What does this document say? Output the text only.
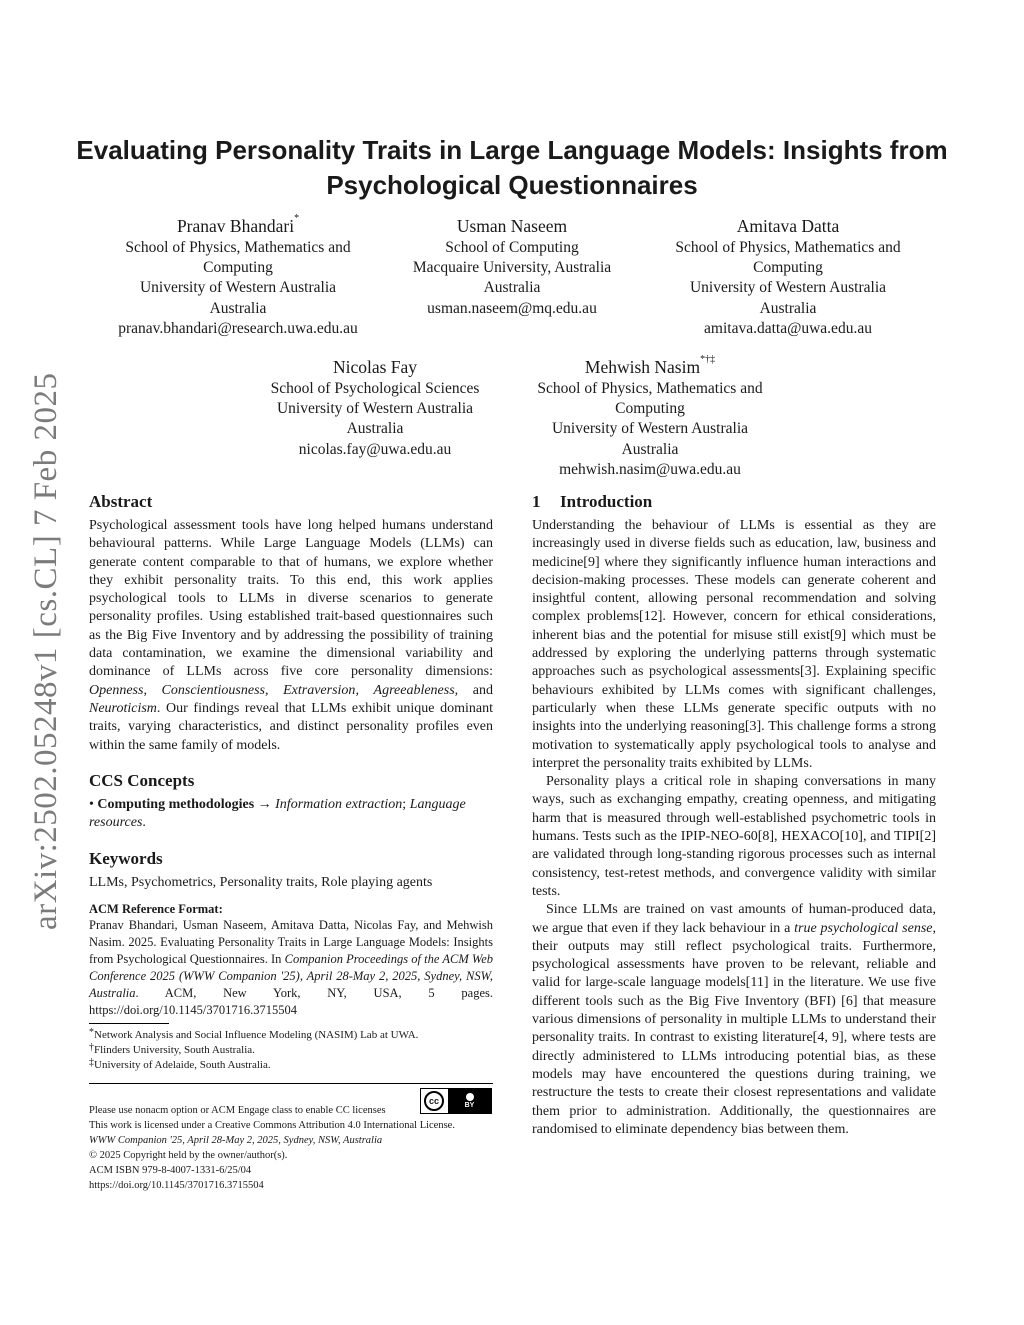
arXiv:2502.05248v1 [cs.CL] 7 Feb 2025
Evaluating Personality Traits in Large Language Models: Insights from Psychological Questionnaires
Pranav Bhandari*
School of Physics, Mathematics and
Computing
University of Western Australia
Australia
pranav.bhandari@research.uwa.edu.au
Usman Naseem
School of Computing
Macquaire University, Australia
Australia
usman.naseem@mq.edu.au
Amitava Datta
School of Physics, Mathematics and
Computing
University of Western Australia
Australia
amitava.datta@uwa.edu.au
Nicolas Fay
School of Psychological Sciences
University of Western Australia
Australia
nicolas.fay@uwa.edu.au
Mehwish Nasim*†‡
School of Physics, Mathematics and
Computing
University of Western Australia
Australia
mehwish.nasim@uwa.edu.au
Abstract

Psychological assessment tools have long helped humans understand behavioural patterns. While Large Language Models (LLMs) can generate content comparable to that of humans, we explore whether they exhibit personality traits. To this end, this work applies psychological tools to LLMs in diverse scenarios to generate personality profiles. Using established trait-based questionnaires such as the Big Five Inventory and by addressing the possibility of training data contamination, we examine the dimensional variability and dominance of LLMs across five core personality dimensions: Openness, Conscientiousness, Extraversion, Agreeableness, and Neuroticism. Our findings reveal that LLMs exhibit unique dominant traits, varying characteristics, and distinct personality profiles even within the same family of models.

CCS Concepts

• Computing methodologies → Information extraction; Language resources.

Keywords

LLMs, Psychometrics, Personality traits, Role playing agents

ACM Reference Format:

Pranav Bhandari, Usman Naseem, Amitava Datta, Nicolas Fay, and Mehwish Nasim. 2025. Evaluating Personality Traits in Large Language Models: Insights from Psychological Questionnaires. In Companion Proceedings of the ACM Web Conference 2025 (WWW Companion '25), April 28-May 2, 2025, Sydney, NSW, Australia. ACM, New York, NY, USA, 5 pages. https://doi.org/10.1145/3701716.3715504

*Network Analysis and Social Influence Modeling (NASIM) Lab at UWA.
†Flinders University, South Australia.
‡University of Adelaide, South Australia.
cc	BY
Please use nonacm option or ACM Engage class to enable CC licenses
This work is licensed under a Creative Commons Attribution 4.0 International License.
WWW Companion '25, April 28-May 2, 2025, Sydney, NSW, Australia
© 2025 Copyright held by the owner/author(s).
ACM ISBN 979-8-4007-1331-6/25/04
https://doi.org/10.1145/3701716.3715504
1 Introduction

Understanding the behaviour of LLMs is essential as they are increasingly used in diverse fields such as education, law, business and medicine[9] where they significantly influence human interactions and decision-making processes. These models can generate coherent and insightful content, allowing personal recommendation and solving complex problems[12]. However, concern for ethical considerations, inherent bias and the potential for misuse still exist[9] which must be addressed by exploring the underlying patterns through systematic approaches such as psychological assessments[3]. Explaining specific behaviours exhibited by LLMs comes with significant challenges, particularly when these LLMs generate specific outputs with no insights into the underlying reasoning[3]. This challenge forms a strong motivation to systematically apply psychological tools to analyse and interpret the personality traits exhibited by LLMs.

Personality plays a critical role in shaping conversations in many ways, such as exchanging empathy, creating openness, and mitigating harm that is measured through well-established psychometric tools in humans. Tests such as the IPIP-NEO-60[8], HEXACO[10], and TIPI[2] are validated through long-standing rigorous processes such as internal consistency, test-retest methods, and convergence validity with similar tests.

Since LLMs are trained on vast amounts of human-produced data, we argue that even if they lack behaviour in a true psychological sense, their outputs may still reflect psychological traits. Furthermore, psychological assessments have proven to be relevant, reliable and valid for large-scale language models[11] in the literature. We use five different tools such as the Big Five Inventory (BFI) [6] that measure various dimensions of personality in multiple LLMs to understand their personality traits. In contrast to existing literature[4, 9], where tests are directly administered to LLMs introducing potential bias, as these models may have encountered the questions during training, we restructure the tests to create their closest representations and validate them prior to administration. Additionally, the questionnaires are randomised to eliminate dependency bias between them.
